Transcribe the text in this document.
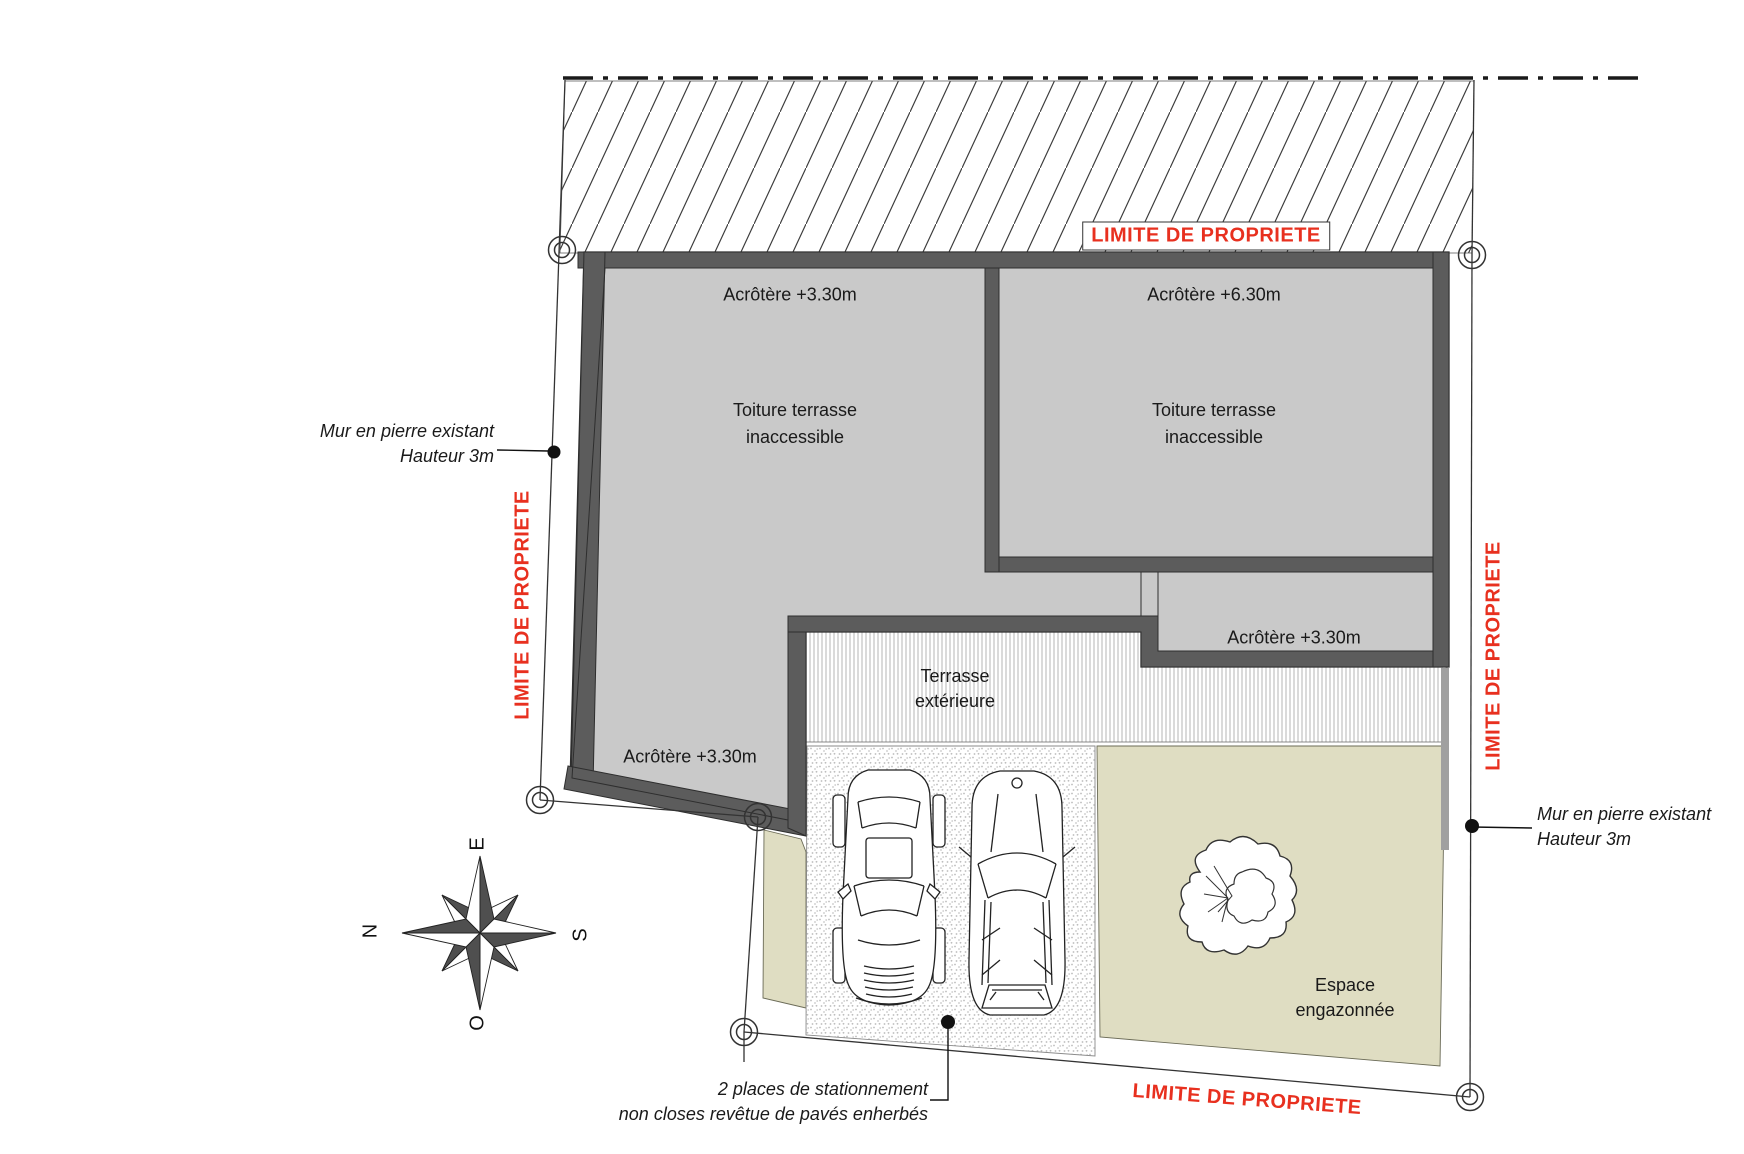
LIMITE DE PROPRIETE
LIMITE DE PROPRIETE	LIMITE DE PROPRIETE
LIMITE DE PROPRIETE
Acrôtère +3.30m	Acrôtère +6.30m
Toiture terrasse
inaccessible
Toiture terrasse
inaccessible
Acrôtère +3.30m
Acrôtère +3.30m
Terrasse
extérieure
Espace
engazonnée
2 places de stationnement
non closes revêtue de pavés enherbés
Mur en pierre existant
Hauteur 3m
Mur en pierre existant
Hauteur 3m
E
N	S
O
